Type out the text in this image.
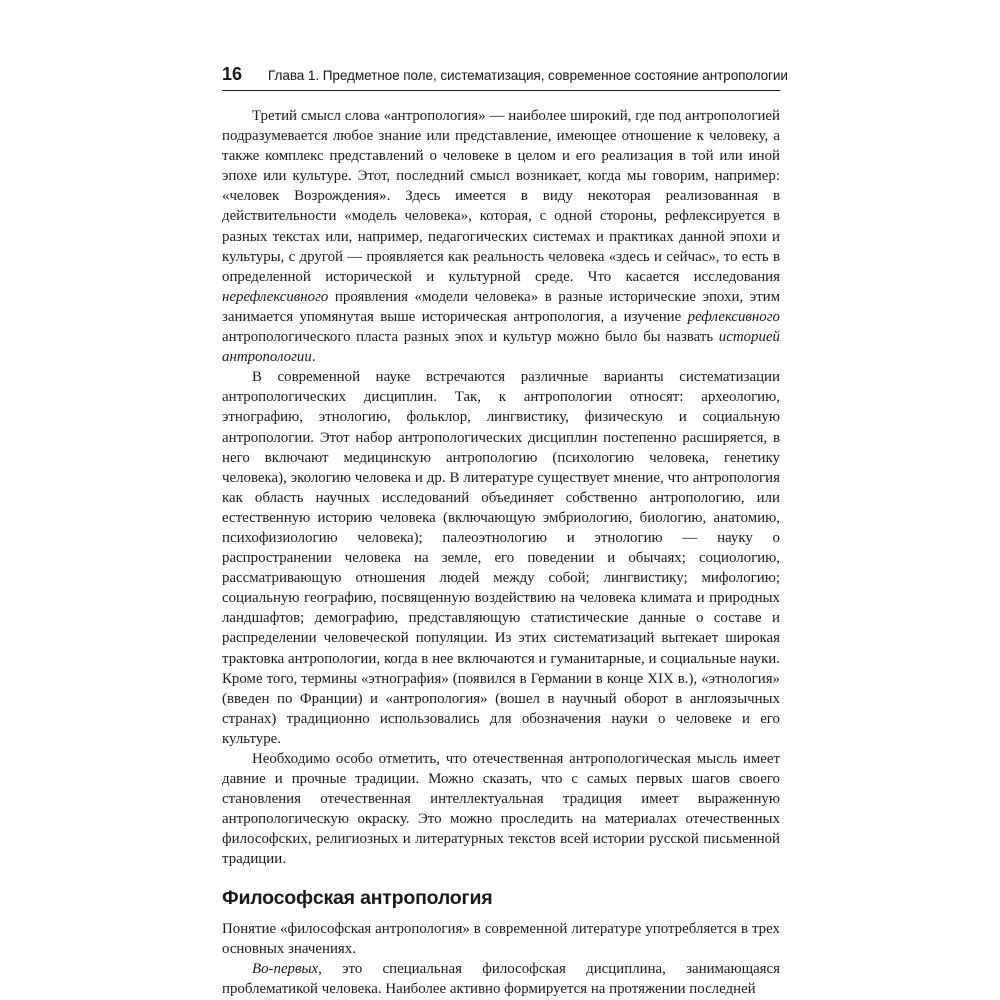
16 Глава 1. Предметное поле, систематизация, современное состояние антропологии

Третий смысл слова «антропология» — наиболее широкий, где под антропологией подразумевается любое знание или представление, имеющее отношение к человеку, а также комплекс представлений о человеке в целом и его реализация в той или иной эпохе или культуре. Этот, последний смысл возникает, когда мы говорим, например: «человек Возрождения». Здесь имеется в виду некоторая реализованная в действительности «модель человека», которая, с одной стороны, рефлексируется в разных текстах или, например, педагогических системах и практиках данной эпохи и культуры, с другой — проявляется как реальность человека «здесь и сейчас», то есть в определенной исторической и культурной среде. Что касается исследования нерефлексивного проявления «модели человека» в разные исторические эпохи, этим занимается упомянутая выше историческая антропология, а изучение рефлексивного антропологического пласта разных эпох и культур можно было бы назвать историей антропологии.

В современной науке встречаются различные варианты систематизации антропологических дисциплин. Так, к антропологии относят: археологию, этнографию, этнологию, фольклор, лингвистику, физическую и социальную антропологии. Этот набор антропологических дисциплин постепенно расширяется, в него включают медицинскую антропологию (психологию человека, генетику человека), экологию человека и др. В литературе существует мнение, что антропология как область научных исследований объединяет собственно антропологию, или естественную историю человека (включающую эмбриологию, биологию, анатомию, психофизиологию человека); палеоэтнологию и этнологию — науку о распространении человека на земле, его поведении и обычаях; социологию, рассматривающую отношения людей между собой; лингвистику; мифологию; социальную географию, посвященную воздействию на человека климата и природных ландшафтов; демографию, представляющую статистические данные о составе и распределении человеческой популяции. Из этих систематизаций вытекает широкая трактовка антропологии, когда в нее включаются и гуманитарные, и социальные науки. Кроме того, термины «этнография» (появился в Германии в конце XIX в.), «этнология» (введен по Франции) и «антропология» (вошел в научный оборот в англоязычных странах) традиционно использовались для обозначения науки о человеке и его культуре.

Необходимо особо отметить, что отечественная антропологическая мысль имеет давние и прочные традиции. Можно сказать, что с самых первых шагов своего становления отечественная интеллектуальная традиция имеет выраженную антропологическую окраску. Это можно проследить на материалах отечественных философских, религиозных и литературных текстов всей истории русской письменной традиции.

Философская антропология

Понятие «философская антропология» в современной литературе употребляется в трех основных значениях.

Во-первых, это специальная философская дисциплина, занимающаяся проблематикой человека. Наиболее активно формируется на протяжении последней
